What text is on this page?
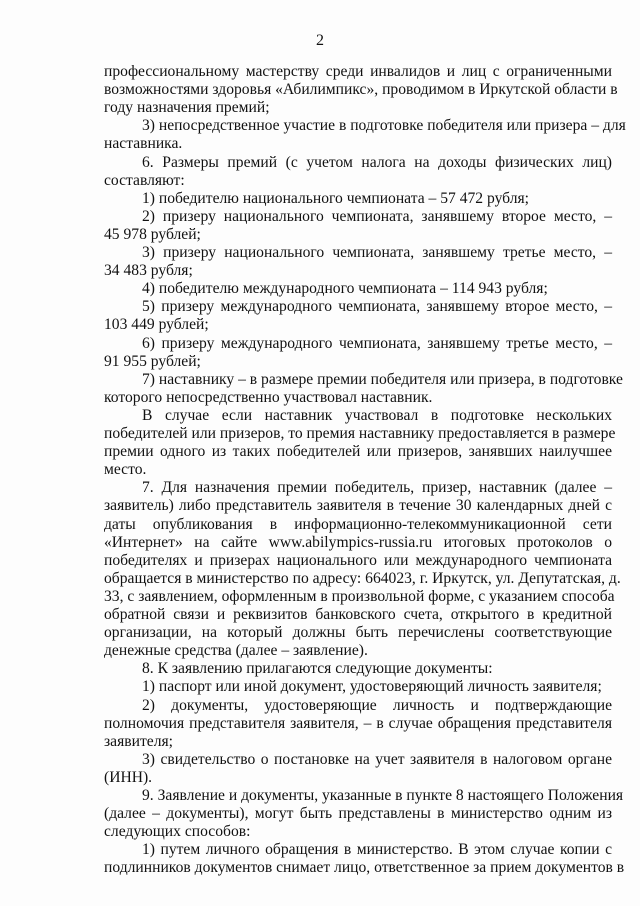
2
профессиональному мастерству среди инвалидов и лиц с ограниченными
возможностями здоровья «Абилимпикс», проводимом в Иркутской области в
году назначения премий;
3) непосредственное участие в подготовке победителя или призера – для
наставника.
6. Размеры премий (с учетом налога на доходы физических лиц)
составляют:
1) победителю национального чемпионата – 57 472 рубля;
2) призеру национального чемпионата, занявшему второе место, –
45 978 рублей;
3) призеру национального чемпионата, занявшему третье место, –
34 483 рубля;
4) победителю международного чемпионата – 114 943 рубля;
5) призеру международного чемпионата, занявшему второе место, –
103 449 рублей;
6) призеру международного чемпионата, занявшему третье место, –
91 955 рублей;
7) наставнику – в размере премии победителя или призера, в подготовке
которого непосредственно участвовал наставник.
В случае если наставник участвовал в подготовке нескольких
победителей или призеров, то премия наставнику предоставляется в размере
премии одного из таких победителей или призеров, занявших наилучшее
место.
7. Для назначения премии победитель, призер, наставник (далее –
заявитель) либо представитель заявителя в течение 30 календарных дней с
даты опубликования в информационно-телекоммуникационной сети
«Интернет» на сайте www.abilympics-russia.ru итоговых протоколов о
победителях и призерах национального или международного чемпионата
обращается в министерство по адресу: 664023, г. Иркутск, ул. Депутатская, д.
33, с заявлением, оформленным в произвольной форме, с указанием способа
обратной связи и реквизитов банковского счета, открытого в кредитной
организации, на который должны быть перечислены соответствующие
денежные средства (далее – заявление).
8. К заявлению прилагаются следующие документы:
1) паспорт или иной документ, удостоверяющий личность заявителя;
2) документы, удостоверяющие личность и подтверждающие
полномочия представителя заявителя, – в случае обращения представителя
заявителя;
3) свидетельство о постановке на учет заявителя в налоговом органе
(ИНН).
9. Заявление и документы, указанные в пункте 8 настоящего Положения
(далее – документы), могут быть представлены в министерство одним из
следующих способов:
1) путем личного обращения в министерство. В этом случае копии с
подлинников документов снимает лицо, ответственное за прием документов в
